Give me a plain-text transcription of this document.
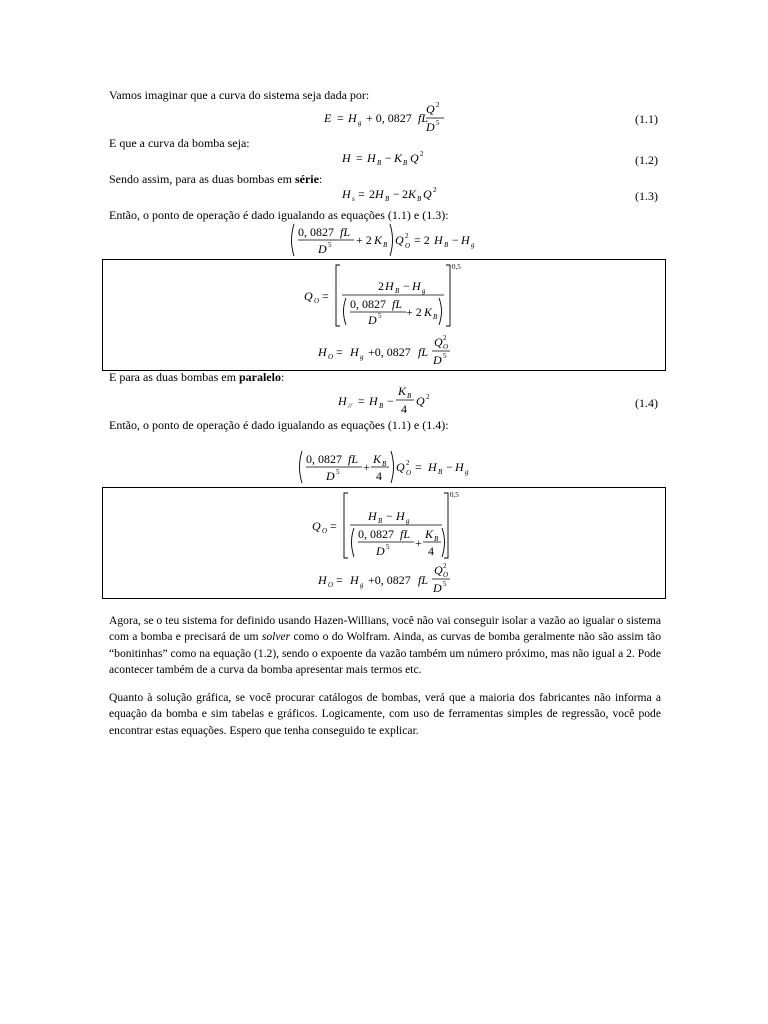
Vamos imaginar que a curva do sistema seja dada por:
E = H g + 0, 0827 fL
Q 2
D 5	(1.1)
E que a curva da bomba seja:
H = H B − K B Q 2	(1.2)
Sendo assim, para as duas bombas em série:
H s = 2 H B − 2 K B Q 2	(1.3)
Então, o ponto de operação é dado igualando as equações (1.1) e (1.3):
0, 0827 fL
D 5 + 2 K B Q 2
O = 2 H B − H g
Q O =
0,5
2 H B − H g
0, 0827 fL
D 5 + 2 K B
H O = H g +0, 0827 fL
Q 2
O
D 5
E para as duas bombas em paralelo:
H // = H B −
K B
4
Q 2	(1.4)
Então, o ponto de operação é dado igualando as equações (1.1) e (1.4):
0, 0827 fL
D 5 +
K B
4
Q 2
O = H B − H g
Q O =
0,5
H B − H g
0, 0827 fL
D 5 +
K B
4
H O = H g +0, 0827 fL
Q 2
O
D 5
Agora, se o teu sistema for definido usando Hazen-Willians, você não vai conseguir isolar a vazão ao igualar o sistema com a bomba e precisará de um solver como o do Wolfram. Ainda, as curvas de bomba geralmente não são assim tão “bonitinhas” como na equação (1.2), sendo o expoente da vazão também um número próximo, mas não igual a 2. Pode acontecer também de a curva da bomba apresentar mais termos etc.
Quanto à solução gráfica, se você procurar catálogos de bombas, verá que a maioria dos fabricantes não informa a equação da bomba e sim tabelas e gráficos. Logicamente, com uso de ferramentas simples de regressão, você pode encontrar estas equações. Espero que tenha conseguido te explicar.
